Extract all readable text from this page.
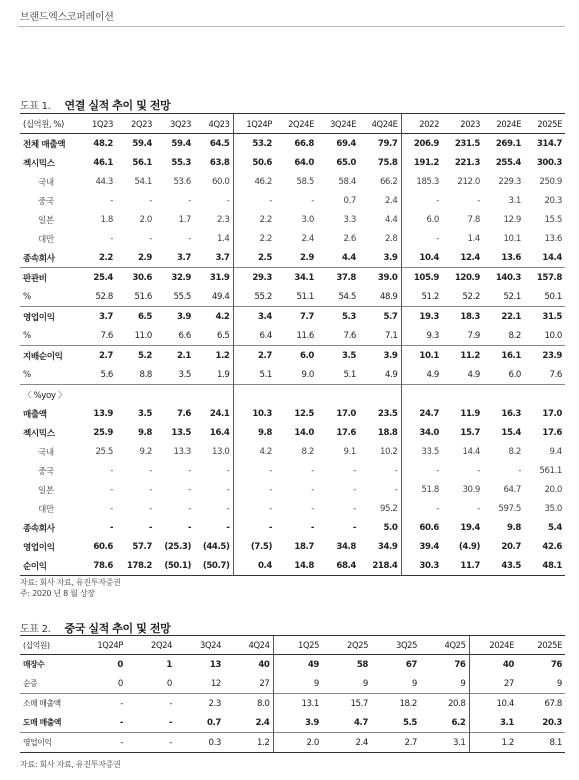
브랜드엑스코퍼레이션
도표 1. 연결 실적 추이 및 전망
(십억원, %)	1Q23	2Q23	3Q23	4Q23	1Q24P	2Q24E	3Q24E	4Q24E	2022	2023	2024E	2025E
전체 매출액	48.2	59.4	59.4	64.5	53.2	66.8	69.4	79.7	206.9	231.5	269.1	314.7
젝시믹스	46.1	56.1	55.3	63.8	50.6	64.0	65.0	75.8	191.2	221.3	255.4	300.3
국내	44.3	54.1	53.6	60.0	46.2	58.5	58.4	66.2	185.3	212.0	229.3	250.9
중국	-	-	-	-	-	-	0.7	2.4	-	-	3.1	20.3
일본	1.8	2.0	1.7	2.3	2.2	3.0	3.3	4.4	6.0	7.8	12.9	15.5
대만	-	-	-	1.4	2.2	2.4	2.6	2.8	-	1.4	10.1	13.6
종속회사	2.2	2.9	3.7	3.7	2.5	2.9	4.4	3.9	10.4	12.4	13.6	14.4
판관비	25.4	30.6	32.9	31.9	29.3	34.1	37.8	39.0	105.9	120.9	140.3	157.8
%	52.8	51.6	55.5	49.4	55.2	51.1	54.5	48.9	51.2	52.2	52.1	50.1
영업이익	3.7	6.5	3.9	4.2	3.4	7.7	5.3	5.7	19.3	18.3	22.1	31.5
%	7.6	11.0	6.6	6.5	6.4	11.6	7.6	7.1	9.3	7.9	8.2	10.0
지배순이익	2.7	5.2	2.1	1.2	2.7	6.0	3.5	3.9	10.1	11.2	16.1	23.9
%	5.6	8.8	3.5	1.9	5.1	9.0	5.1	4.9	4.9	4.9	6.0	7.6
〈 %yoy 〉												
매출액	13.9	3.5	7.6	24.1	10.3	12.5	17.0	23.5	24.7	11.9	16.3	17.0
젝시믹스	25.9	9.8	13.5	16.4	9.8	14.0	17.6	18.8	34.0	15.7	15.4	17.6
국내	25.5	9.2	13.3	13.0	4.2	8.2	9.1	10.2	33.5	14.4	8.2	9.4
중국	-	-	-	-	-	-	-	-	-	-	-	561.1
일본	-	-	-	-	-	-	-	-	51.8	30.9	64.7	20.0
대만	-	-	-	-	-	-	-	95.2	-	-	597.5	35.0
종속회사	-	-	-	-	-	-	-	5.0	60.6	19.4	9.8	5.4
영업이익	60.6	57.7	(25.3)	(44.5)	(7.5)	18.7	34.8	34.9	39.4	(4.9)	20.7	42.6
순이익	78.6	178.2	(50.1)	(50.7)	0.4	14.8	68.4	218.4	30.3	11.7	43.5	48.1
자료: 회사 자료, 유진투자증권
주: 2020 년 8 월 상장
도표 2. 중국 실적 추이 및 전망
(십억원)	1Q24P	2Q24	3Q24	4Q24	1Q25	2Q25	3Q25	4Q25	2024E	2025E
매장수	0	1	13	40	49	58	67	76	40	76
순증	0	0	12	27	9	9	9	9	27	9
소매 매출액	-	-	2.3	8.0	13.1	15.7	18.2	20.8	10.4	67.8
도매 매출액	-	-	0.7	2.4	3.9	4.7	5.5	6.2	3.1	20.3
영업이익	-	-	0.3	1.2	2.0	2.4	2.7	3.1	1.2	8.1
자료: 회사 자료, 유진투자증권
